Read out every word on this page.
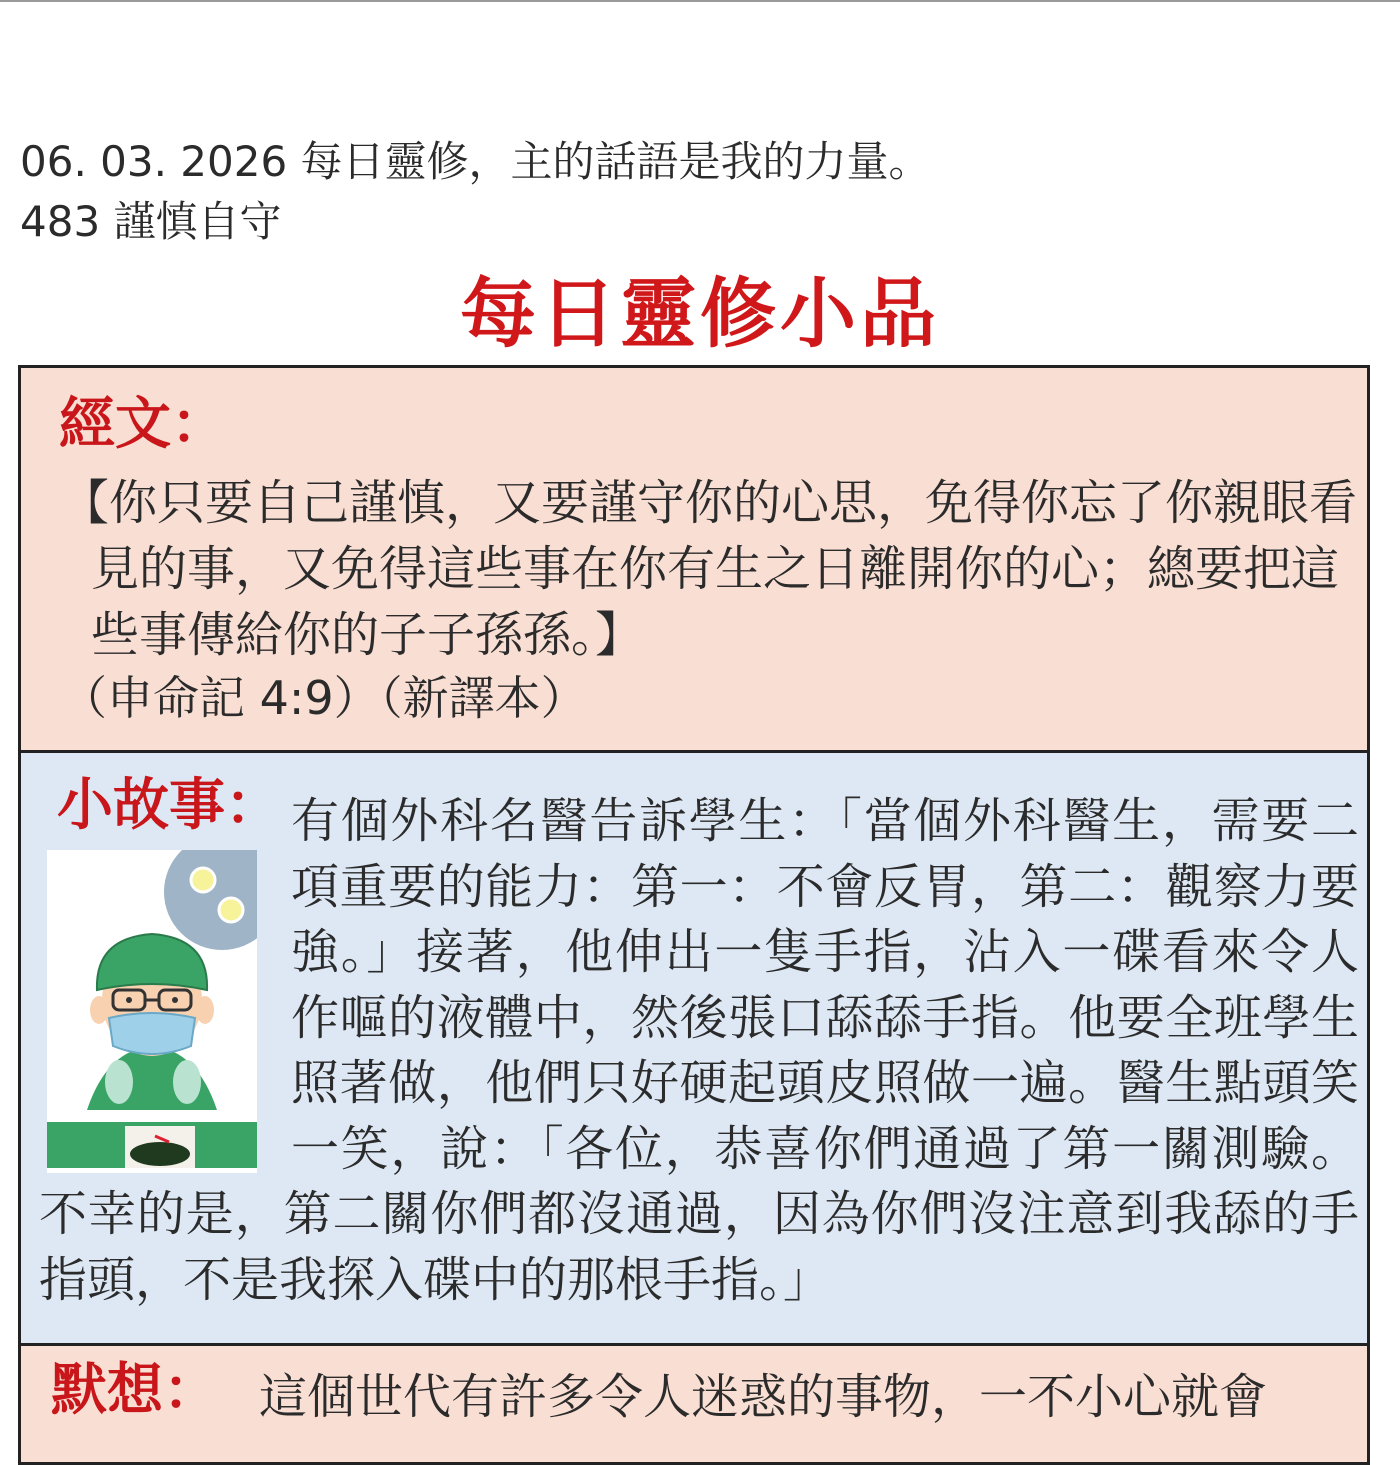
06. 03. 2026 每日靈修，主的話語是我的力量。
483 謹慎自守
每日靈修小品
經文：
【你只要自己謹慎，又要謹守你的心思，免得你忘了你親眼看見的事，又免得這些事在你有生之日離開你的心；總要把這些事傳給你的子子孫孫。】
（申命記 4:9）（新譯本）
有個外科名醫告訴學生：「當個外科醫生，需要二項重要的能力：第一：不會反胃，第二：觀察力要強。」接著，他伸出一隻手指，沾入一碟看來令人作嘔的液體中，然後張口舔舔手指。他要全班學生照著做，他們只好硬起頭皮照做一遍。醫生點頭笑一笑，說：「各位，恭喜你們通過了第一關測驗。不幸的是，第二關你們都沒通過，因為你們沒注意到我舔的手指頭，不是我探入碟中的那根手指。」
小故事：
默想： 這個世代有許多令人迷惑的事物，一不小心就會
